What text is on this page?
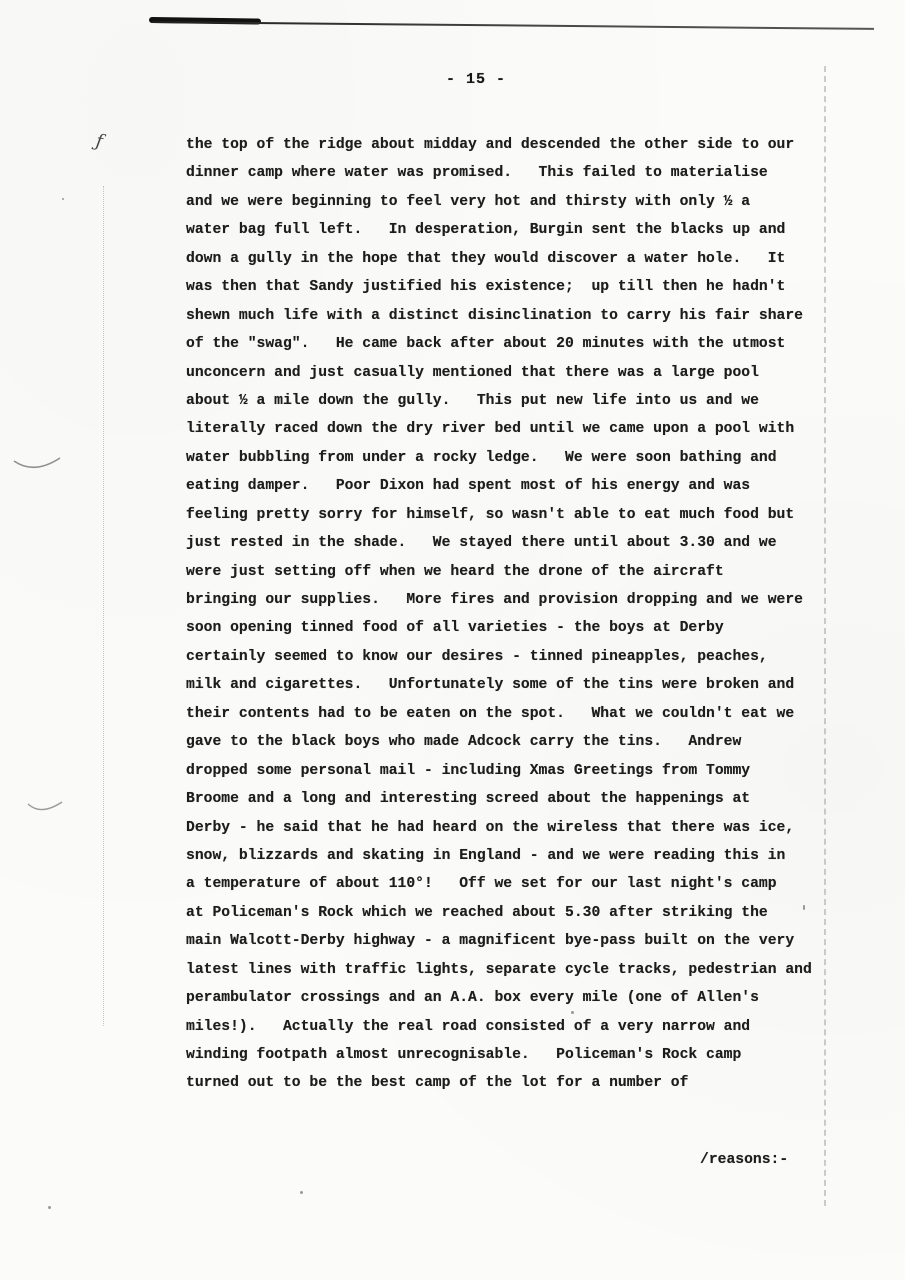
ƒ
- 15 -
the top of the ridge about midday and descended the other side to our
dinner camp where water was promised.   This failed to materialise
and we were beginning to feel very hot and thirsty with only ½ a
water bag full left.   In desperation, Burgin sent the blacks up and
down a gully in the hope that they would discover a water hole.   It
was then that Sandy justified his existence;  up till then he hadn't
shewn much life with a distinct disinclination to carry his fair share
of the "swag".   He came back after about 20 minutes with the utmost
unconcern and just casually mentioned that there was a large pool
about ½ a mile down the gully.   This put new life into us and we
literally raced down the dry river bed until we came upon a pool with
water bubbling from under a rocky ledge.   We were soon bathing and
eating damper.   Poor Dixon had spent most of his energy and was
feeling pretty sorry for himself, so wasn't able to eat much food but
just rested in the shade.   We stayed there until about 3.30 and we
were just setting off when we heard the drone of the aircraft
bringing our supplies.   More fires and provision dropping and we were
soon opening tinned food of all varieties - the boys at Derby
certainly seemed to know our desires - tinned pineapples, peaches,
milk and cigarettes.   Unfortunately some of the tins were broken and
their contents had to be eaten on the spot.   What we couldn't eat we
gave to the black boys who made Adcock carry the tins.   Andrew
dropped some personal mail - including Xmas Greetings from Tommy
Broome and a long and interesting screed about the happenings at
Derby - he said that he had heard on the wireless that there was ice,
snow, blizzards and skating in England - and we were reading this in
a temperature of about 110°!   Off we set for our last night's camp
at Policeman's Rock which we reached about 5.30 after striking the
main Walcott-Derby highway - a magnificent bye-pass built on the very
latest lines with traffic lights, separate cycle tracks, pedestrian and
perambulator crossings and an A.A. box every mile (one of Allen's
miles!).   Actually the real road consisted of a very narrow and
winding footpath almost unrecognisable.   Policeman's Rock camp
turned out to be the best camp of the lot for a number of
/reasons:-
